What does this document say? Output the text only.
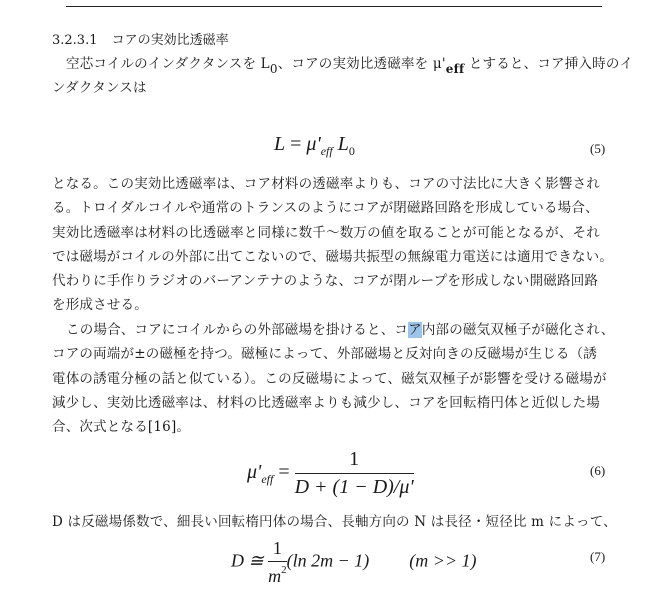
3.2.3.1 コアの実効比透磁率
空芯コイルのインダクタンスを L0、コアの実効比透磁率を μ'eff とすると、コア挿入時のイ
ンダクタンスは
$L = \mu'_{eff}$ $L_0$	(5)
となる。この実効比透磁率は、コア材料の透磁率よりも、コアの寸法比に大きく影響され
る。トロイダルコイルや通常のトランスのようにコアが閉磁路回路を形成している場合、
実効比透磁率は材料の比透磁率と同様に数千～数万の値を取ることが可能となるが、それ
では磁場がコイルの外部に出てこないので、磁場共振型の無線電力電送には適用できない。
代わりに手作りラジオのバーアンテナのような、コアが閉ループを形成しない開磁路回路
を形成させる。
この場合、コアにコイルからの外部磁場を掛けると、コア内部の磁気双極子が磁化され、
コアの両端が±の磁極を持つ。磁極によって、外部磁場と反対向きの反磁場が生じる（誘
電体の誘電分極の話と似ている）。この反磁場によって、磁気双極子が影響を受ける磁場が
減少し、実効比透磁率は、材料の比透磁率よりも減少し、コアを回転楕円体と近似した場
合、次式となる[16]。
$\mu'_{eff} = \frac{1}{D + (1 - D)/\mu'}$	(6)
D は反磁場係数で、細長い回転楕円体の場合、長軸方向の N は長径・短径比 m によって、
D ≅ $\frac{1}{m^2} (\ln$ 2m − 1) (m >> 1)	(7)
